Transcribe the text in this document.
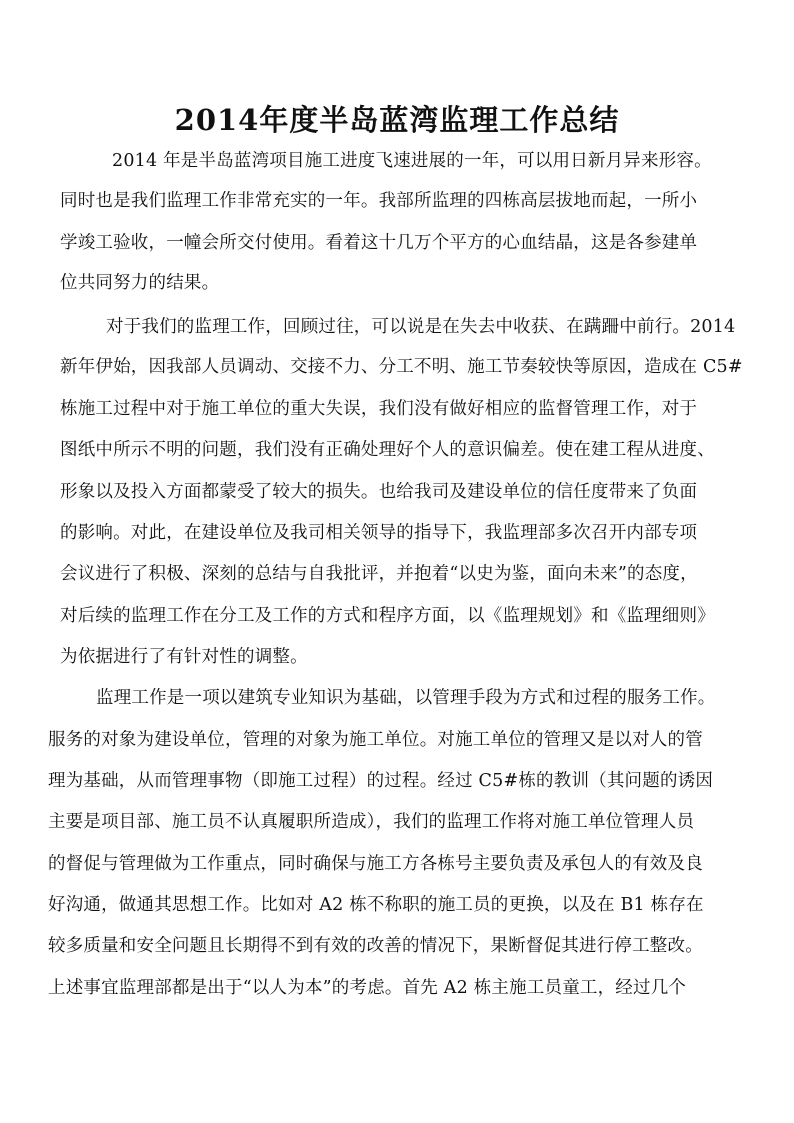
2014年度半岛蓝湾监理工作总结
2014 年是半岛蓝湾项目施工进度飞速进展的一年，可以用日新月异来形容。
同时也是我们监理工作非常充实的一年。我部所监理的四栋高层拔地而起，一所小
学竣工验收，一幢会所交付使用。看着这十几万个平方的心血结晶，这是各参建单
位共同努力的结果。
对于我们的监理工作，回顾过往，可以说是在失去中收获、在蹒跚中前行。2014
新年伊始，因我部人员调动、交接不力、分工不明、施工节奏较快等原因，造成在 C5#
栋施工过程中对于施工单位的重大失误，我们没有做好相应的监督管理工作，对于
图纸中所示不明的问题，我们没有正确处理好个人的意识偏差。使在建工程从进度、
形象以及投入方面都蒙受了较大的损失。也给我司及建设单位的信任度带来了负面
的影响。对此，在建设单位及我司相关领导的指导下，我监理部多次召开内部专项
会议进行了积极、深刻的总结与自我批评，并抱着“以史为鉴，面向未来”的态度，
对后续的监理工作在分工及工作的方式和程序方面，以《监理规划》和《监理细则》
为依据进行了有针对性的调整。
监理工作是一项以建筑专业知识为基础，以管理手段为方式和过程的服务工作。
服务的对象为建设单位，管理的对象为施工单位。对施工单位的管理又是以对人的管
理为基础，从而管理事物（即施工过程）的过程。经过 C5#栋的教训（其问题的诱因
主要是项目部、施工员不认真履职所造成），我们的监理工作将对施工单位管理人员
的督促与管理做为工作重点，同时确保与施工方各栋号主要负责及承包人的有效及良
好沟通，做通其思想工作。比如对 A2 栋不称职的施工员的更换，以及在 B1 栋存在
较多质量和安全问题且长期得不到有效的改善的情况下，果断督促其进行停工整改。
上述事宜监理部都是出于“以人为本”的考虑。首先 A2 栋主施工员童工，经过几个
